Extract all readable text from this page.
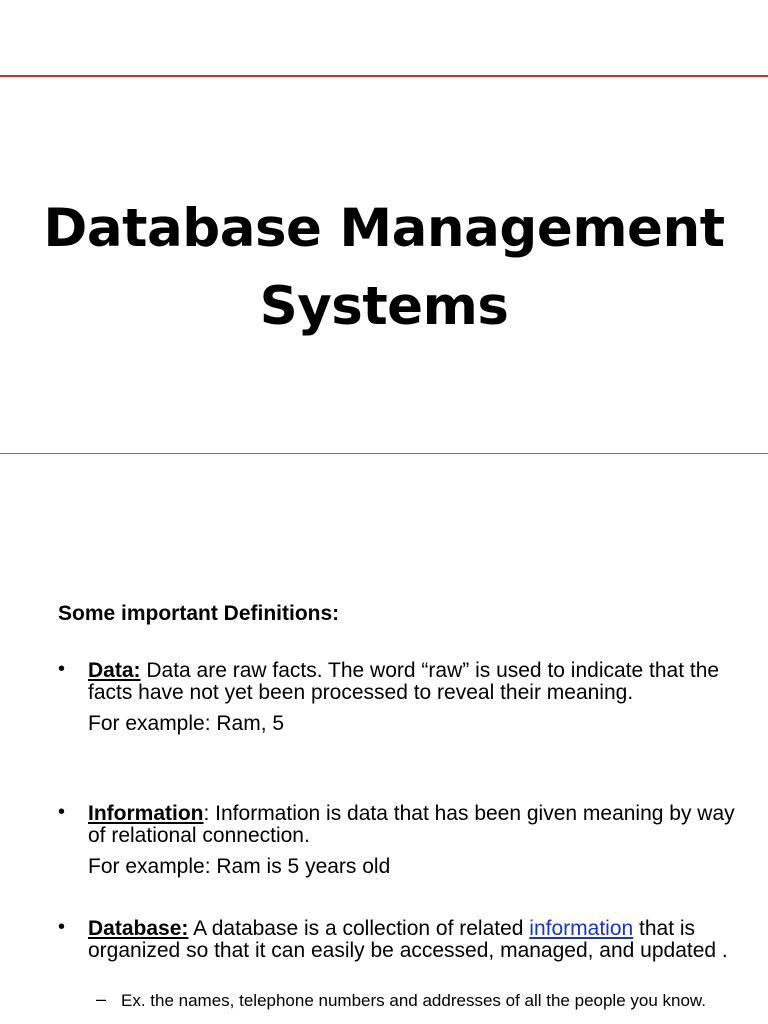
Database Management
Systems
Some important Definitions:
• Data: Data are raw facts. The word “raw” is used to indicate that the facts have not yet been processed to reveal their meaning.
For example: Ram, 5
• Information: Information is data that has been given meaning by way of relational connection.
For example: Ram is 5 years old
• Database: A database is a collection of related information that is organized so that it can easily be accessed, managed, and updated .
– Ex. the names, telephone numbers and addresses of all the people you know.
